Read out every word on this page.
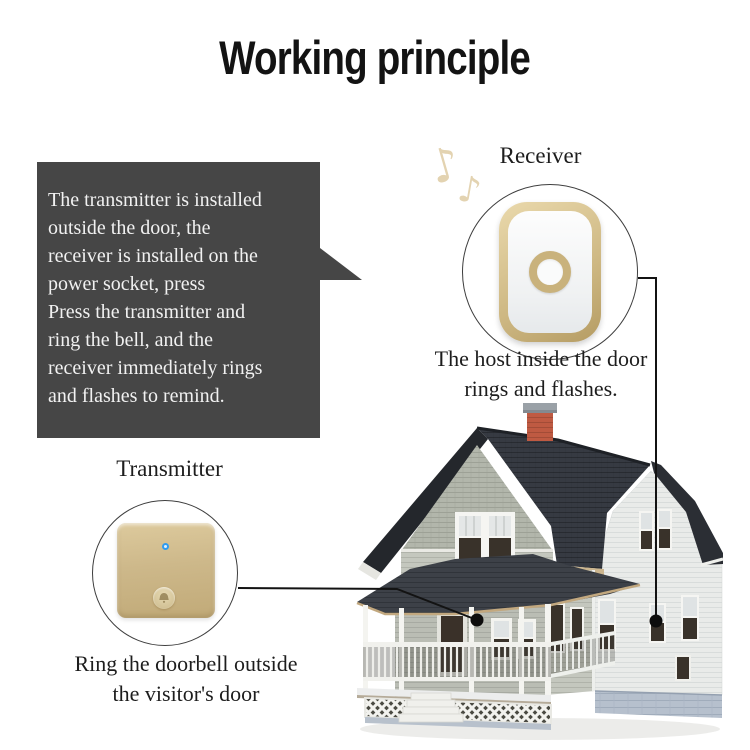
Working principle
The transmitter is installed
outside the door, the
receiver is installed on the
power socket, press
Press the transmitter and
ring the bell, and the
receiver immediately rings
and flashes to remind.
♪
♪
Receiver
The host inside the door
rings and flashes.
Transmitter
Ring the doorbell outside
the visitor's door
